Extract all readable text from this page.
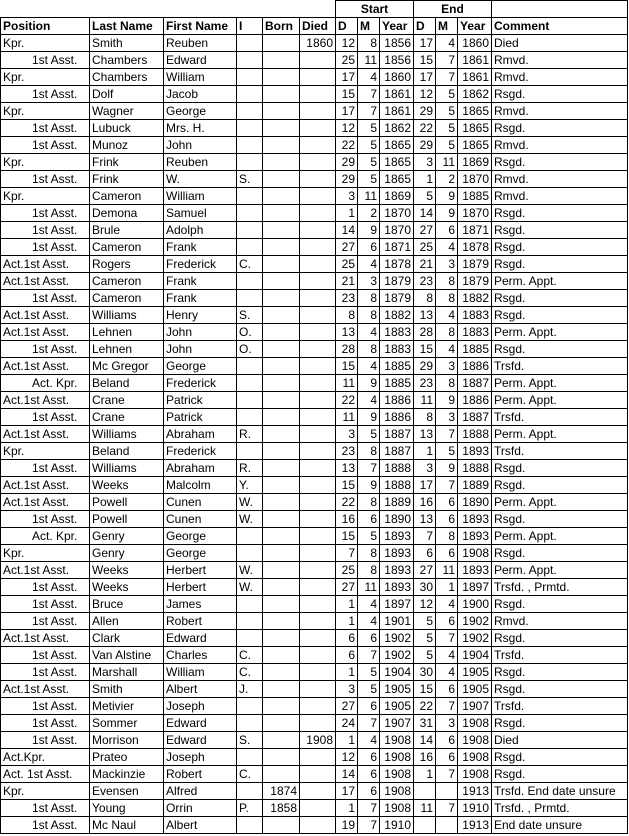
						Start			End			
Position	Last Name	First Name	I	Born	Died	D	M	Year	D	M	Year	Comment
Kpr.	Smith	Reuben			1860	12	8	1856	17	4	1860	Died
1st Asst.	Chambers	Edward				25	11	1856	15	7	1861	Rmvd.
Kpr.	Chambers	William				17	4	1860	17	7	1861	Rmvd.
1st Asst.	Dolf	Jacob				15	7	1861	12	5	1862	Rsgd.
Kpr.	Wagner	George				17	7	1861	29	5	1865	Rmvd.
1st Asst.	Lubuck	Mrs. H.				12	5	1862	22	5	1865	Rsgd.
1st Asst.	Munoz	John				22	5	1865	29	5	1865	Rmvd.
Kpr.	Frink	Reuben				29	5	1865	3	11	1869	Rsgd.
1st Asst.	Frink	W.	S.			29	5	1865	1	2	1870	Rmvd.
Kpr.	Cameron	William				3	11	1869	5	9	1885	Rmvd.
1st Asst.	Demona	Samuel				1	2	1870	14	9	1870	Rsgd.
1st Asst.	Brule	Adolph				14	9	1870	27	6	1871	Rsgd.
1st Asst.	Cameron	Frank				27	6	1871	25	4	1878	Rsgd.
Act.1st Asst.	Rogers	Frederick	C.			25	4	1878	21	3	1879	Rsgd.
Act.1st Asst.	Cameron	Frank				21	3	1879	23	8	1879	Perm. Appt.
1st Asst.	Cameron	Frank				23	8	1879	8	8	1882	Rsgd.
Act.1st Asst.	Williams	Henry	S.			8	8	1882	13	4	1883	Rsgd.
Act.1st Asst.	Lehnen	John	O.			13	4	1883	28	8	1883	Perm. Appt.
1st Asst.	Lehnen	John	O.			28	8	1883	15	4	1885	Rsgd.
Act.1st Asst.	Mc Gregor	George				15	4	1885	29	3	1886	Trsfd.
Act. Kpr.	Beland	Frederick				11	9	1885	23	8	1887	Perm. Appt.
Act.1st Asst.	Crane	Patrick				22	4	1886	11	9	1886	Perm. Appt.
1st Asst.	Crane	Patrick				11	9	1886	8	3	1887	Trsfd.
Act.1st Asst.	Williams	Abraham	R.			3	5	1887	13	7	1888	Perm. Appt.
Kpr.	Beland	Frederick				23	8	1887	1	5	1893	Trsfd.
1st Asst.	Williams	Abraham	R.			13	7	1888	3	9	1888	Rsgd.
Act.1st Asst.	Weeks	Malcolm	Y.			15	9	1888	17	7	1889	Rsgd.
Act.1st Asst.	Powell	Cunen	W.			22	8	1889	16	6	1890	Perm. Appt.
1st Asst.	Powell	Cunen	W.			16	6	1890	13	6	1893	Rsgd.
Act. Kpr.	Genry	George				15	5	1893	7	8	1893	Perm. Appt.
Kpr.	Genry	George				7	8	1893	6	6	1908	Rsgd.
Act.1st Asst.	Weeks	Herbert	W.			25	8	1893	27	11	1893	Perm. Appt.
1st Asst.	Weeks	Herbert	W.			27	11	1893	30	1	1897	Trsfd. , Prmtd.
1st Asst.	Bruce	James				1	4	1897	12	4	1900	Rsgd.
1st Asst.	Allen	Robert				1	4	1901	5	6	1902	Rmvd.
Act.1st Asst.	Clark	Edward				6	6	1902	5	7	1902	Rsgd.
1st Asst.	Van Alstine	Charles	C.			6	7	1902	5	4	1904	Trsfd.
1st Asst.	Marshall	William	C.			1	5	1904	30	4	1905	Rsgd.
Act.1st Asst.	Smith	Albert	J.			3	5	1905	15	6	1905	Rsgd.
1st Asst.	Metivier	Joseph				27	6	1905	22	7	1907	Trsfd.
1st Asst.	Sommer	Edward				24	7	1907	31	3	1908	Rsgd.
1st Asst.	Morrison	Edward	S.		1908	1	4	1908	14	6	1908	Died
Act.Kpr.	Prateo	Joseph				12	6	1908	16	6	1908	Rsgd.
Act. 1st Asst.	Mackinzie	Robert	C.			14	6	1908	1	7	1908	Rsgd.
Kpr.	Evensen	Alfred		1874		17	6	1908			1913	Trsfd. End date unsure
1st Asst.	Young	Orrin	P.	1858		1	7	1908	11	7	1910	Trsfd. , Prmtd.
1st Asst.	Mc Naul	Albert				19	7	1910			1913	End date unsure
